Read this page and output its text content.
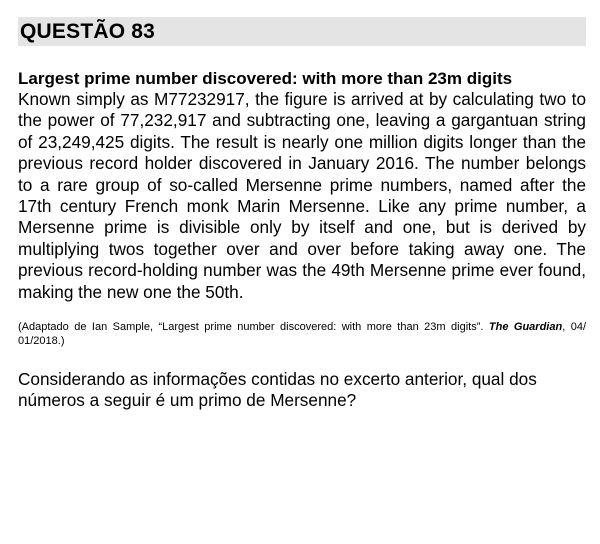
QUESTÃO 83
Largest prime number discovered: with more than 23m digits
Known simply as M77232917, the figure is arrived at by calculating two to the power of 77,232,917 and subtracting one, leaving a gargantuan string of 23,249,425 digits. The result is nearly one million digits longer than the previous record holder discovered in January 2016. The number belongs to a rare group of so-called Mersenne prime numbers, named after the 17th century French monk Marin Mersenne. Like any prime number, a Mersenne prime is divisible only by itself and one, but is derived by multiplying twos together over and over before taking away one. The previous record-holding number was the 49th Mersenne prime ever found, making the new one the 50th.
(Adaptado de Ian Sample, “Largest prime number discovered: with more than 23m digits”. The Guardian, 04/ 01/2018.)
Considerando as informações contidas no excerto anterior, qual dos números a seguir é um primo de Mersenne?
